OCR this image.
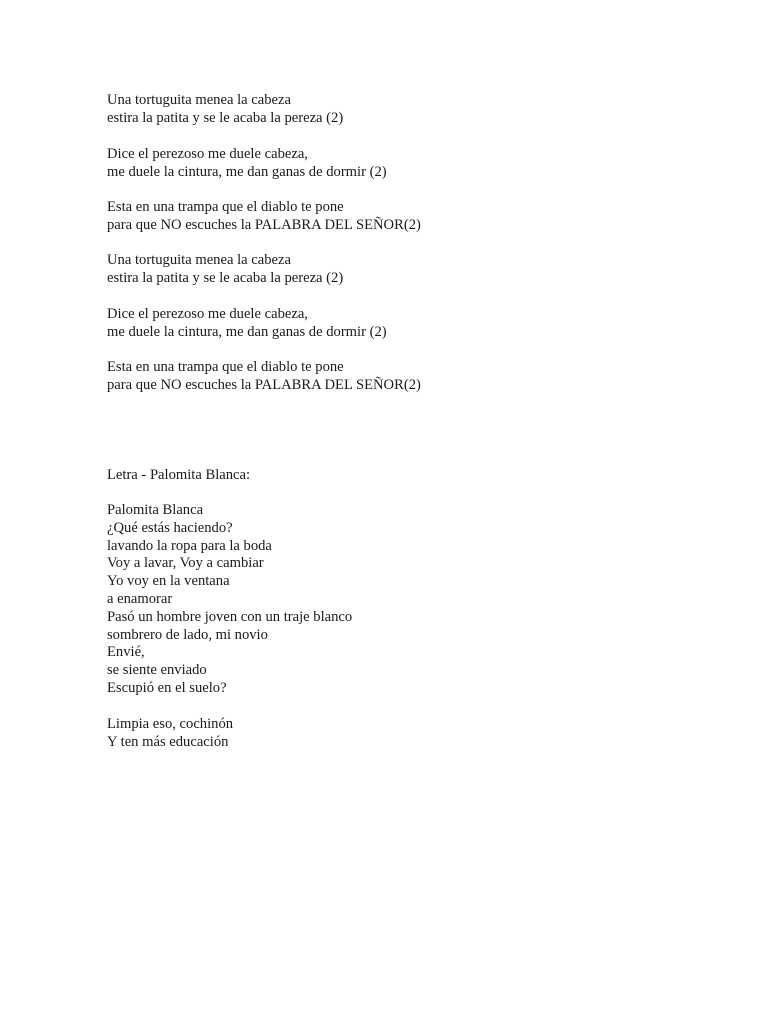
Una tortuguita menea la cabeza
estira la patita y se le acaba la pereza (2)
Dice el perezoso me duele cabeza,
me duele la cintura, me dan ganas de dormir (2)
Esta en una trampa que el diablo te pone
para que NO escuches la PALABRA DEL SEÑOR(2)
Una tortuguita menea la cabeza
estira la patita y se le acaba la pereza (2)
Dice el perezoso me duele cabeza,
me duele la cintura, me dan ganas de dormir (2)
Esta en una trampa que el diablo te pone
para que NO escuches la PALABRA DEL SEÑOR(2)
Letra - Palomita Blanca:
Palomita Blanca
¿Qué estás haciendo?
lavando la ropa para la boda
Voy a lavar, Voy a cambiar
Yo voy en la ventana
a enamorar
Pasó un hombre joven con un traje blanco
sombrero de lado, mi novio
Envié,
se siente enviado
Escupió en el suelo?
Limpia eso, cochinón
Y ten más educación
